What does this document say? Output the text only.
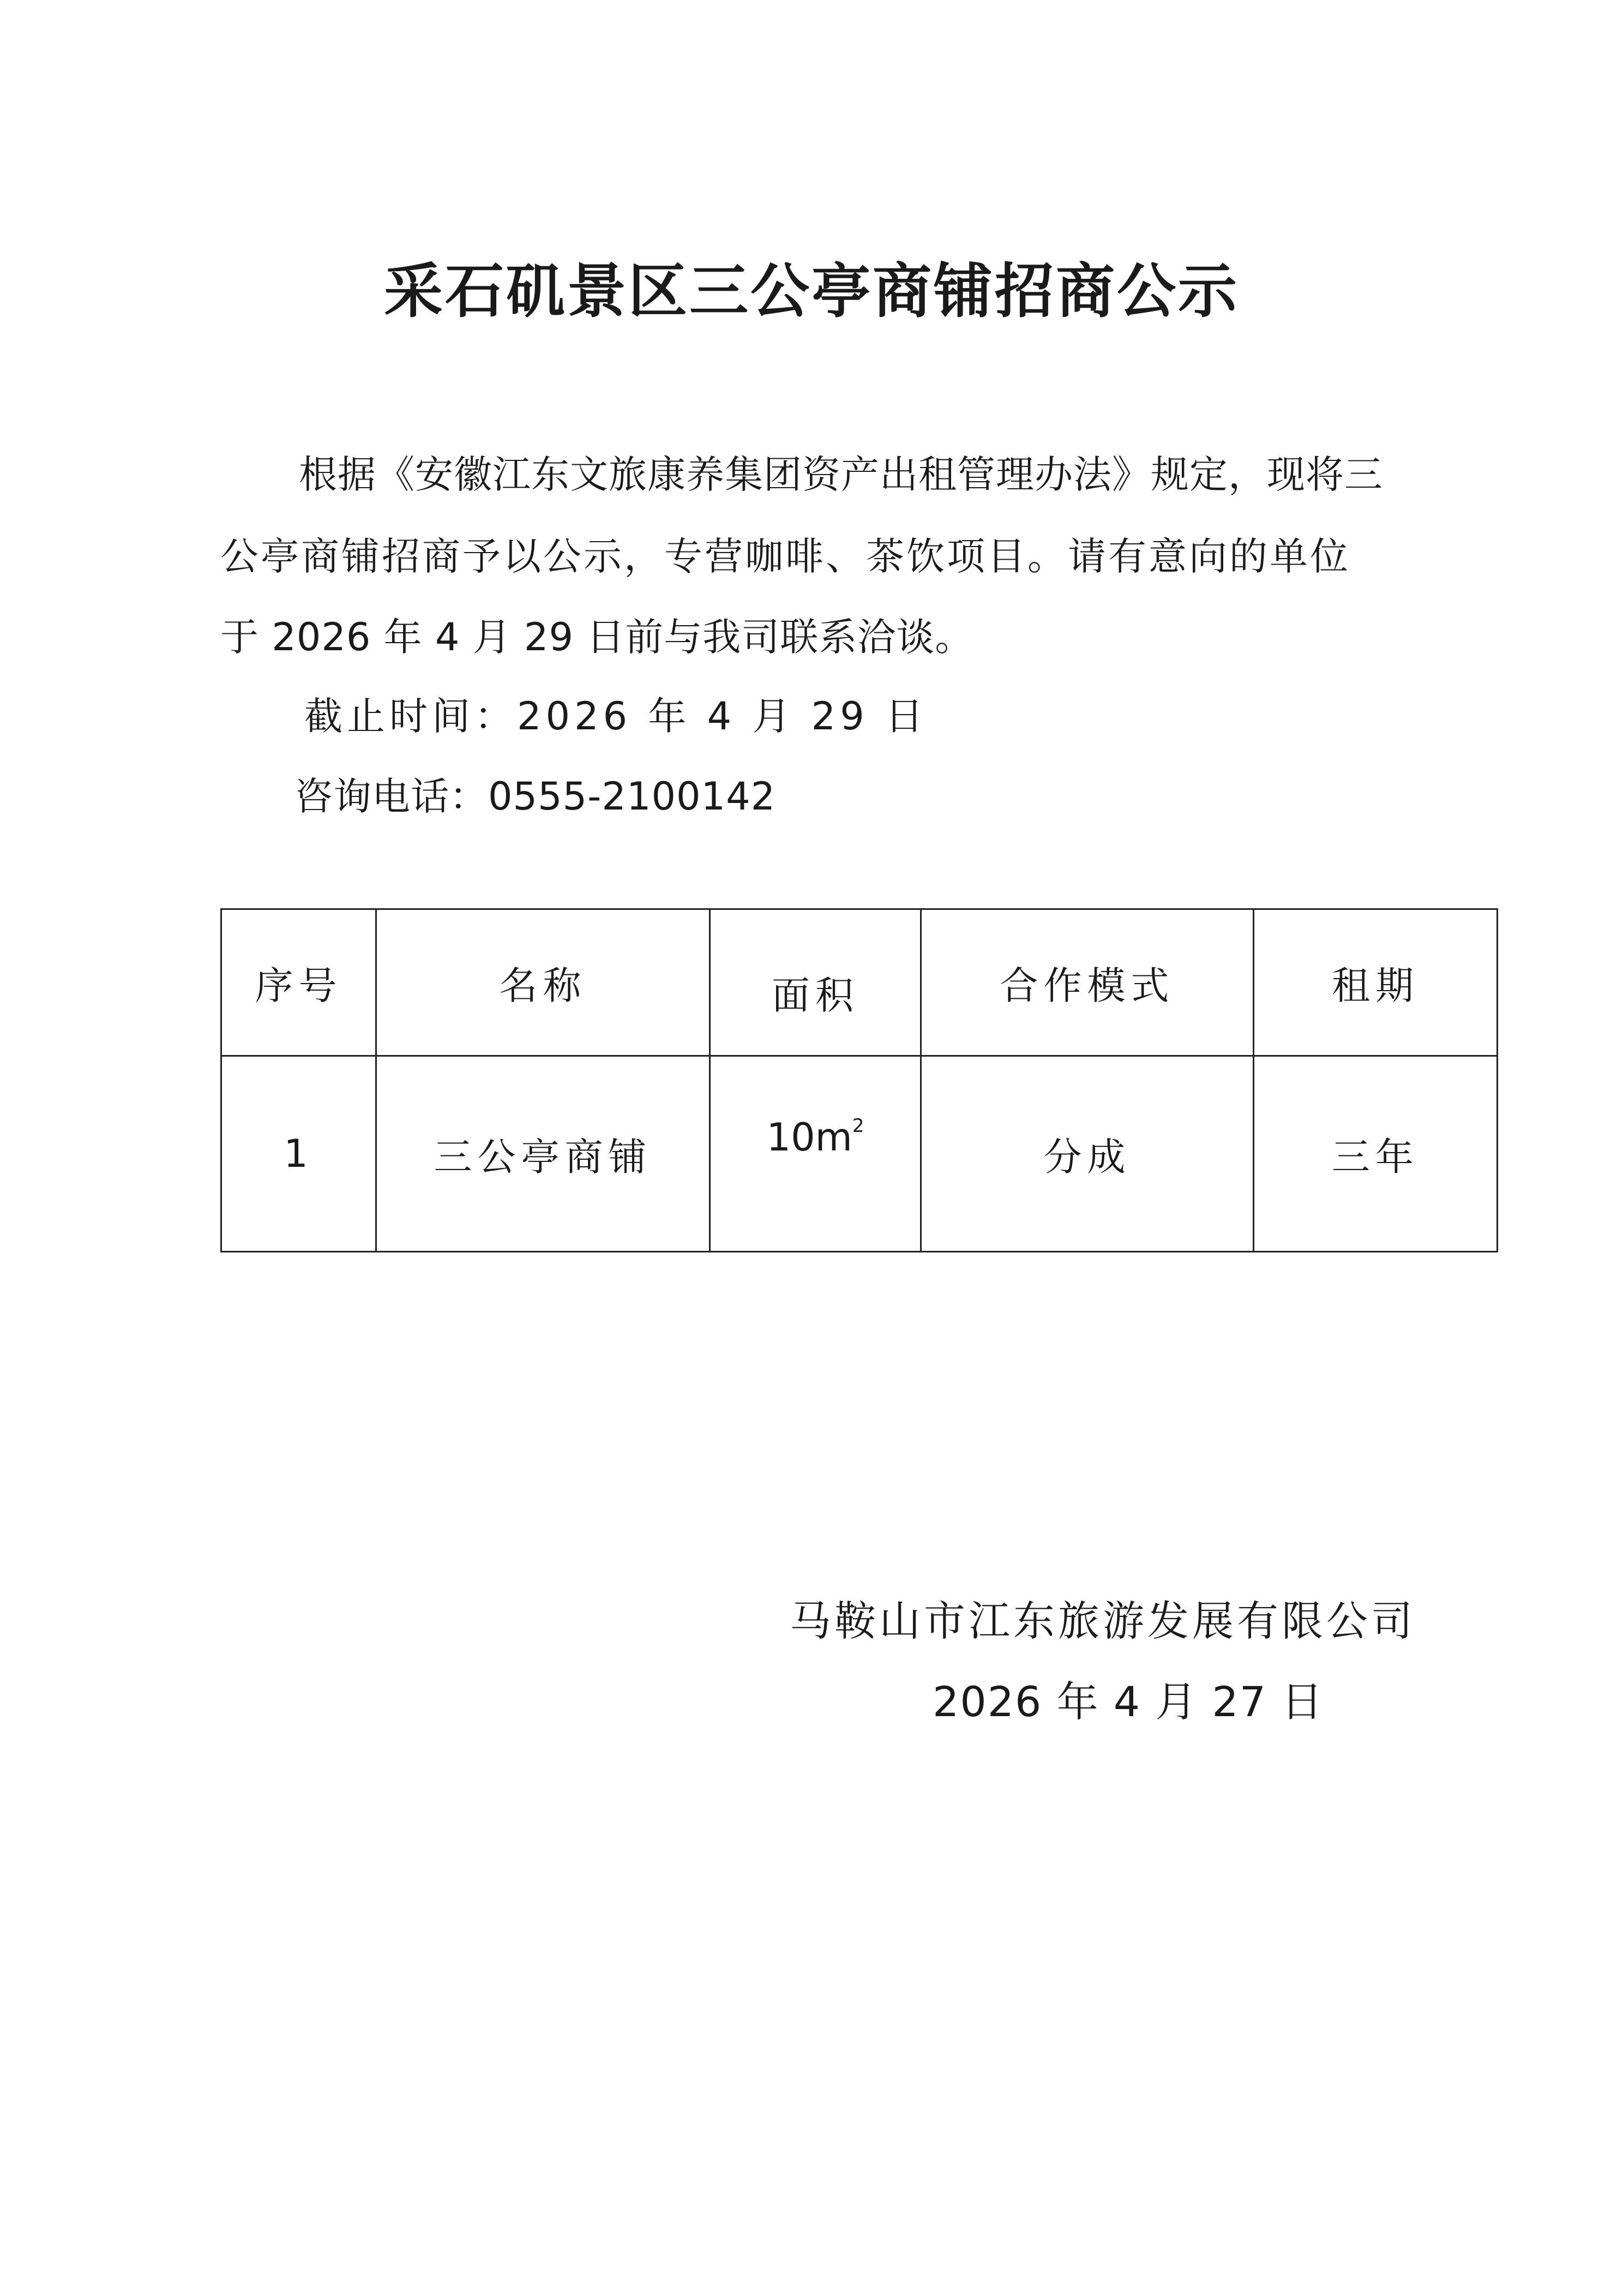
采石矶景区三公亭商铺招商公示
根据《安徽江东文旅康养集团资产出租管理办法》规定，现将三
公亭商铺招商予以公示，专营咖啡、茶饮项目。请有意向的单位
于 2026 年 4 月 29 日前与我司联系洽谈。
截止时间：2026 年 4 月 29 日
咨询电话：0555-2100142
序号	名称	面积	合作模式	租期
1	三公亭商铺	$10m^2$	分成	三年
马鞍山市江东旅游发展有限公司
2026 年 4 月 27 日
